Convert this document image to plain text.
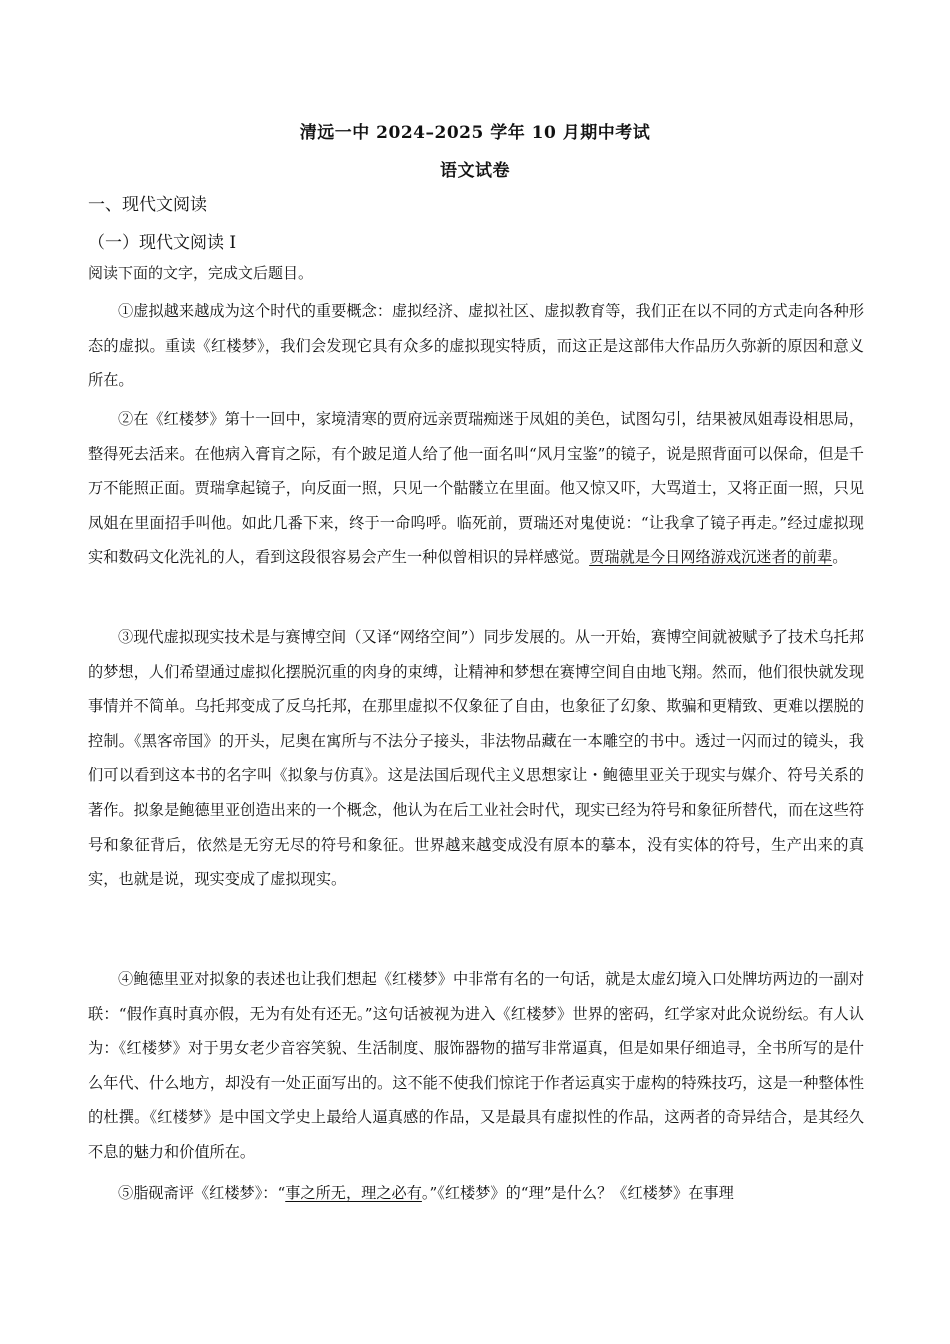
清远一中 2024–2025 学年 10 月期中考试
语文试卷
一、现代文阅读
（一）现代文阅读 I
阅读下面的文字，完成文后题目。

①虚拟越来越成为这个时代的重要概念：虚拟经济、虚拟社区、虚拟教育等，我们正在以不同的方式走向各种形态的虚拟。重读《红楼梦》，我们会发现它具有众多的虚拟现实特质，而这正是这部伟大作品历久弥新的原因和意义所在。

②在《红楼梦》第十一回中，家境清寒的贾府远亲贾瑞痴迷于凤姐的美色，试图勾引，结果被凤姐毒设相思局，整得死去活来。在他病入膏肓之际，有个跛足道人给了他一面名叫“风月宝鉴”的镜子，说是照背面可以保命，但是千万不能照正面。贾瑞拿起镜子，向反面一照，只见一个骷髅立在里面。他又惊又吓，大骂道士，又将正面一照，只见凤姐在里面招手叫他。如此几番下来，终于一命呜呼。临死前，贾瑞还对鬼使说：“让我拿了镜子再走。”经过虚拟现实和数码文化洗礼的人，看到这段很容易会产生一种似曾相识的异样感觉。贾瑞就是今日网络游戏沉迷者的前辈。

③现代虚拟现实技术是与赛博空间（又译“网络空间”）同步发展的。从一开始，赛博空间就被赋予了技术乌托邦的梦想，人们希望通过虚拟化摆脱沉重的肉身的束缚，让精神和梦想在赛博空间自由地飞翔。然而，他们很快就发现事情并不简单。乌托邦变成了反乌托邦，在那里虚拟不仅象征了自由，也象征了幻象、欺骗和更精致、更难以摆脱的控制。《黑客帝国》的开头，尼奥在寓所与不法分子接头，非法物品藏在一本雕空的书中。透过一闪而过的镜头，我们可以看到这本书的名字叫《拟象与仿真》。这是法国后现代主义思想家让・鲍德里亚关于现实与媒介、符号关系的著作。拟象是鲍德里亚创造出来的一个概念，他认为在后工业社会时代，现实已经为符号和象征所替代，而在这些符号和象征背后，依然是无穷无尽的符号和象征。世界越来越变成没有原本的摹本，没有实体的符号，生产出来的真实，也就是说，现实变成了虚拟现实。

④鲍德里亚对拟象的表述也让我们想起《红楼梦》中非常有名的一句话，就是太虚幻境入口处牌坊两边的一副对联：“假作真时真亦假，无为有处有还无。”这句话被视为进入《红楼梦》世界的密码，红学家对此众说纷纭。有人认为：《红楼梦》对于男女老少音容笑貌、生活制度、服饰器物的描写非常逼真，但是如果仔细追寻，全书所写的是什么年代、什么地方，却没有一处正面写出的。这不能不使我们惊诧于作者运真实于虚构的特殊技巧，这是一种整体性的杜撰。《红楼梦》是中国文学史上最给人逼真感的作品，又是最具有虚拟性的作品，这两者的奇异结合，是其经久不息的魅力和价值所在。

⑤脂砚斋评《红楼梦》：“事之所无，理之必有。”《红楼梦》的“理”是什么？《红楼梦》在事理
